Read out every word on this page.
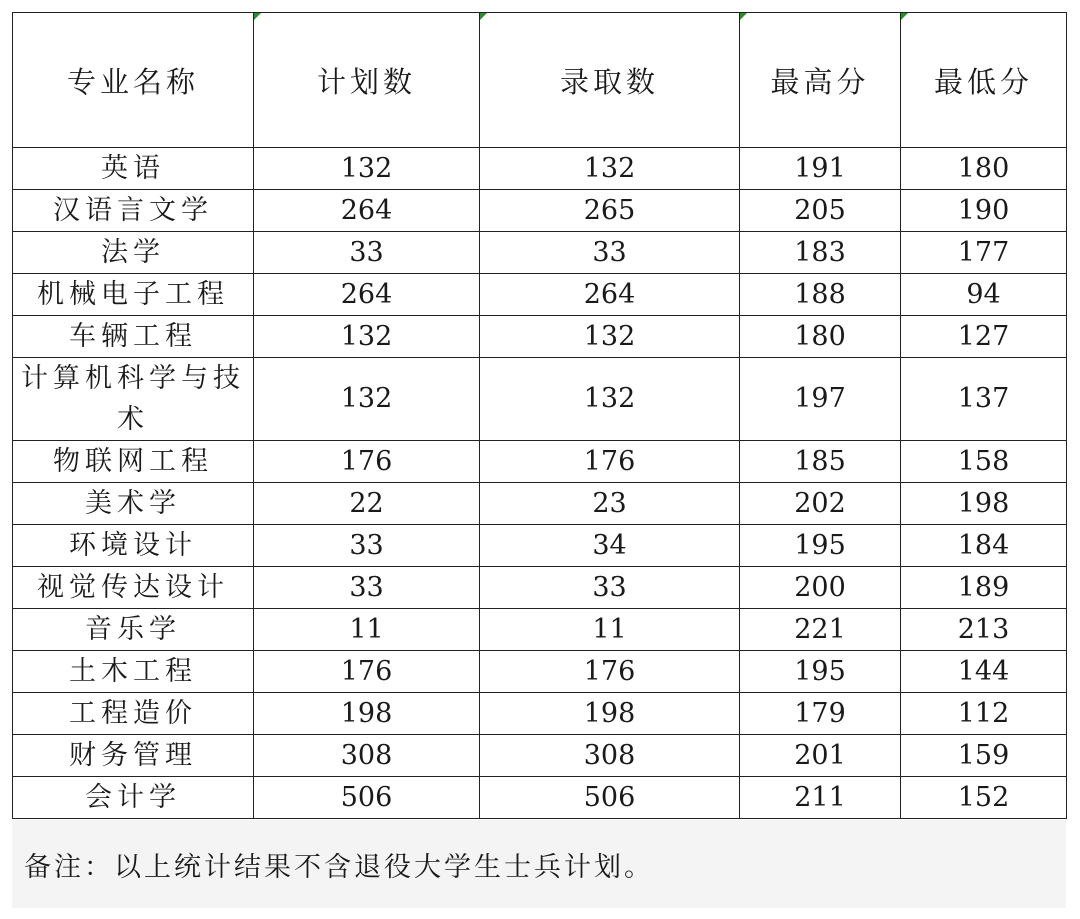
专业名称	计划数	录取数	最高分	最低分
英语	132	132	191	180
汉语言文学	264	265	205	190
法学	33	33	183	177
机械电子工程	264	264	188	94
车辆工程	132	132	180	127
计算机科学与技术	132	132	197	137
物联网工程	176	176	185	158
美术学	22	23	202	198
环境设计	33	34	195	184
视觉传达设计	33	33	200	189
音乐学	11	11	221	213
土木工程	176	176	195	144
工程造价	198	198	179	112
财务管理	308	308	201	159
会计学	506	506	211	152
备注：以上统计结果不含退役大学生士兵计划。
